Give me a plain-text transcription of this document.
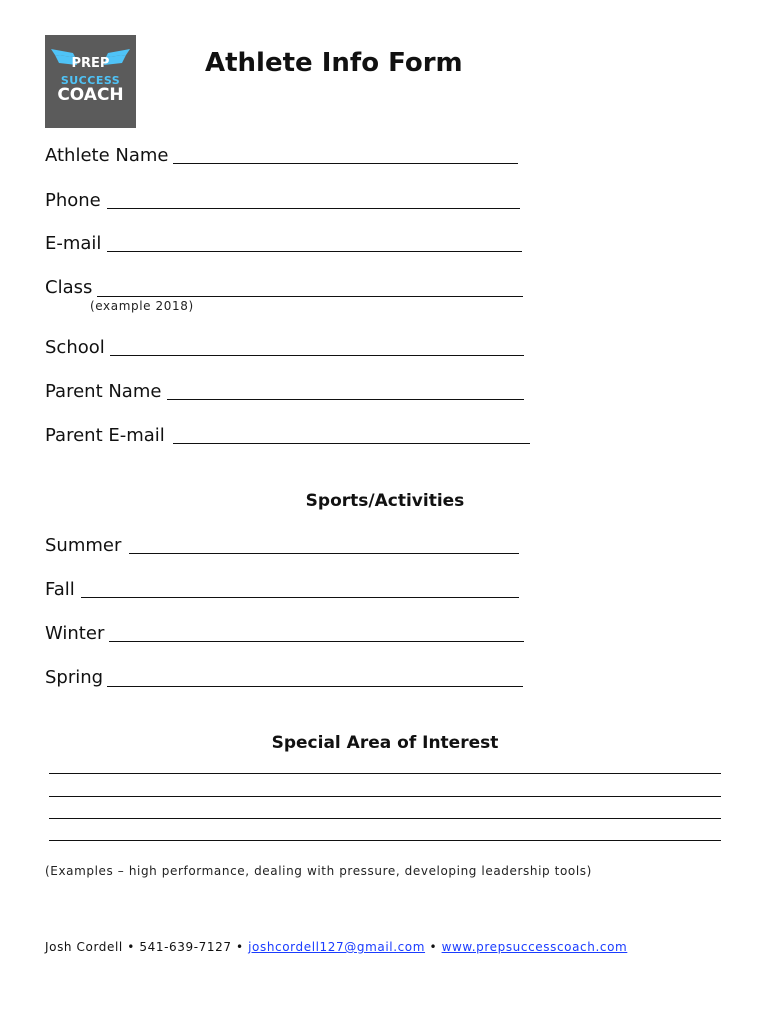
PREP
SUCCESS
COACH
Athlete Info Form
Athlete Name
Phone
E-mail
Class
(example 2018)
School
Parent Name
Parent E-mail
Sports/Activities
Summer
Fall
Winter
Spring
Special Area of Interest
(Examples – high performance, dealing with pressure, developing leadership tools)
Josh Cordell • 541-639-7127 • joshcordell127@gmail.com • www.prepsuccesscoach.com
